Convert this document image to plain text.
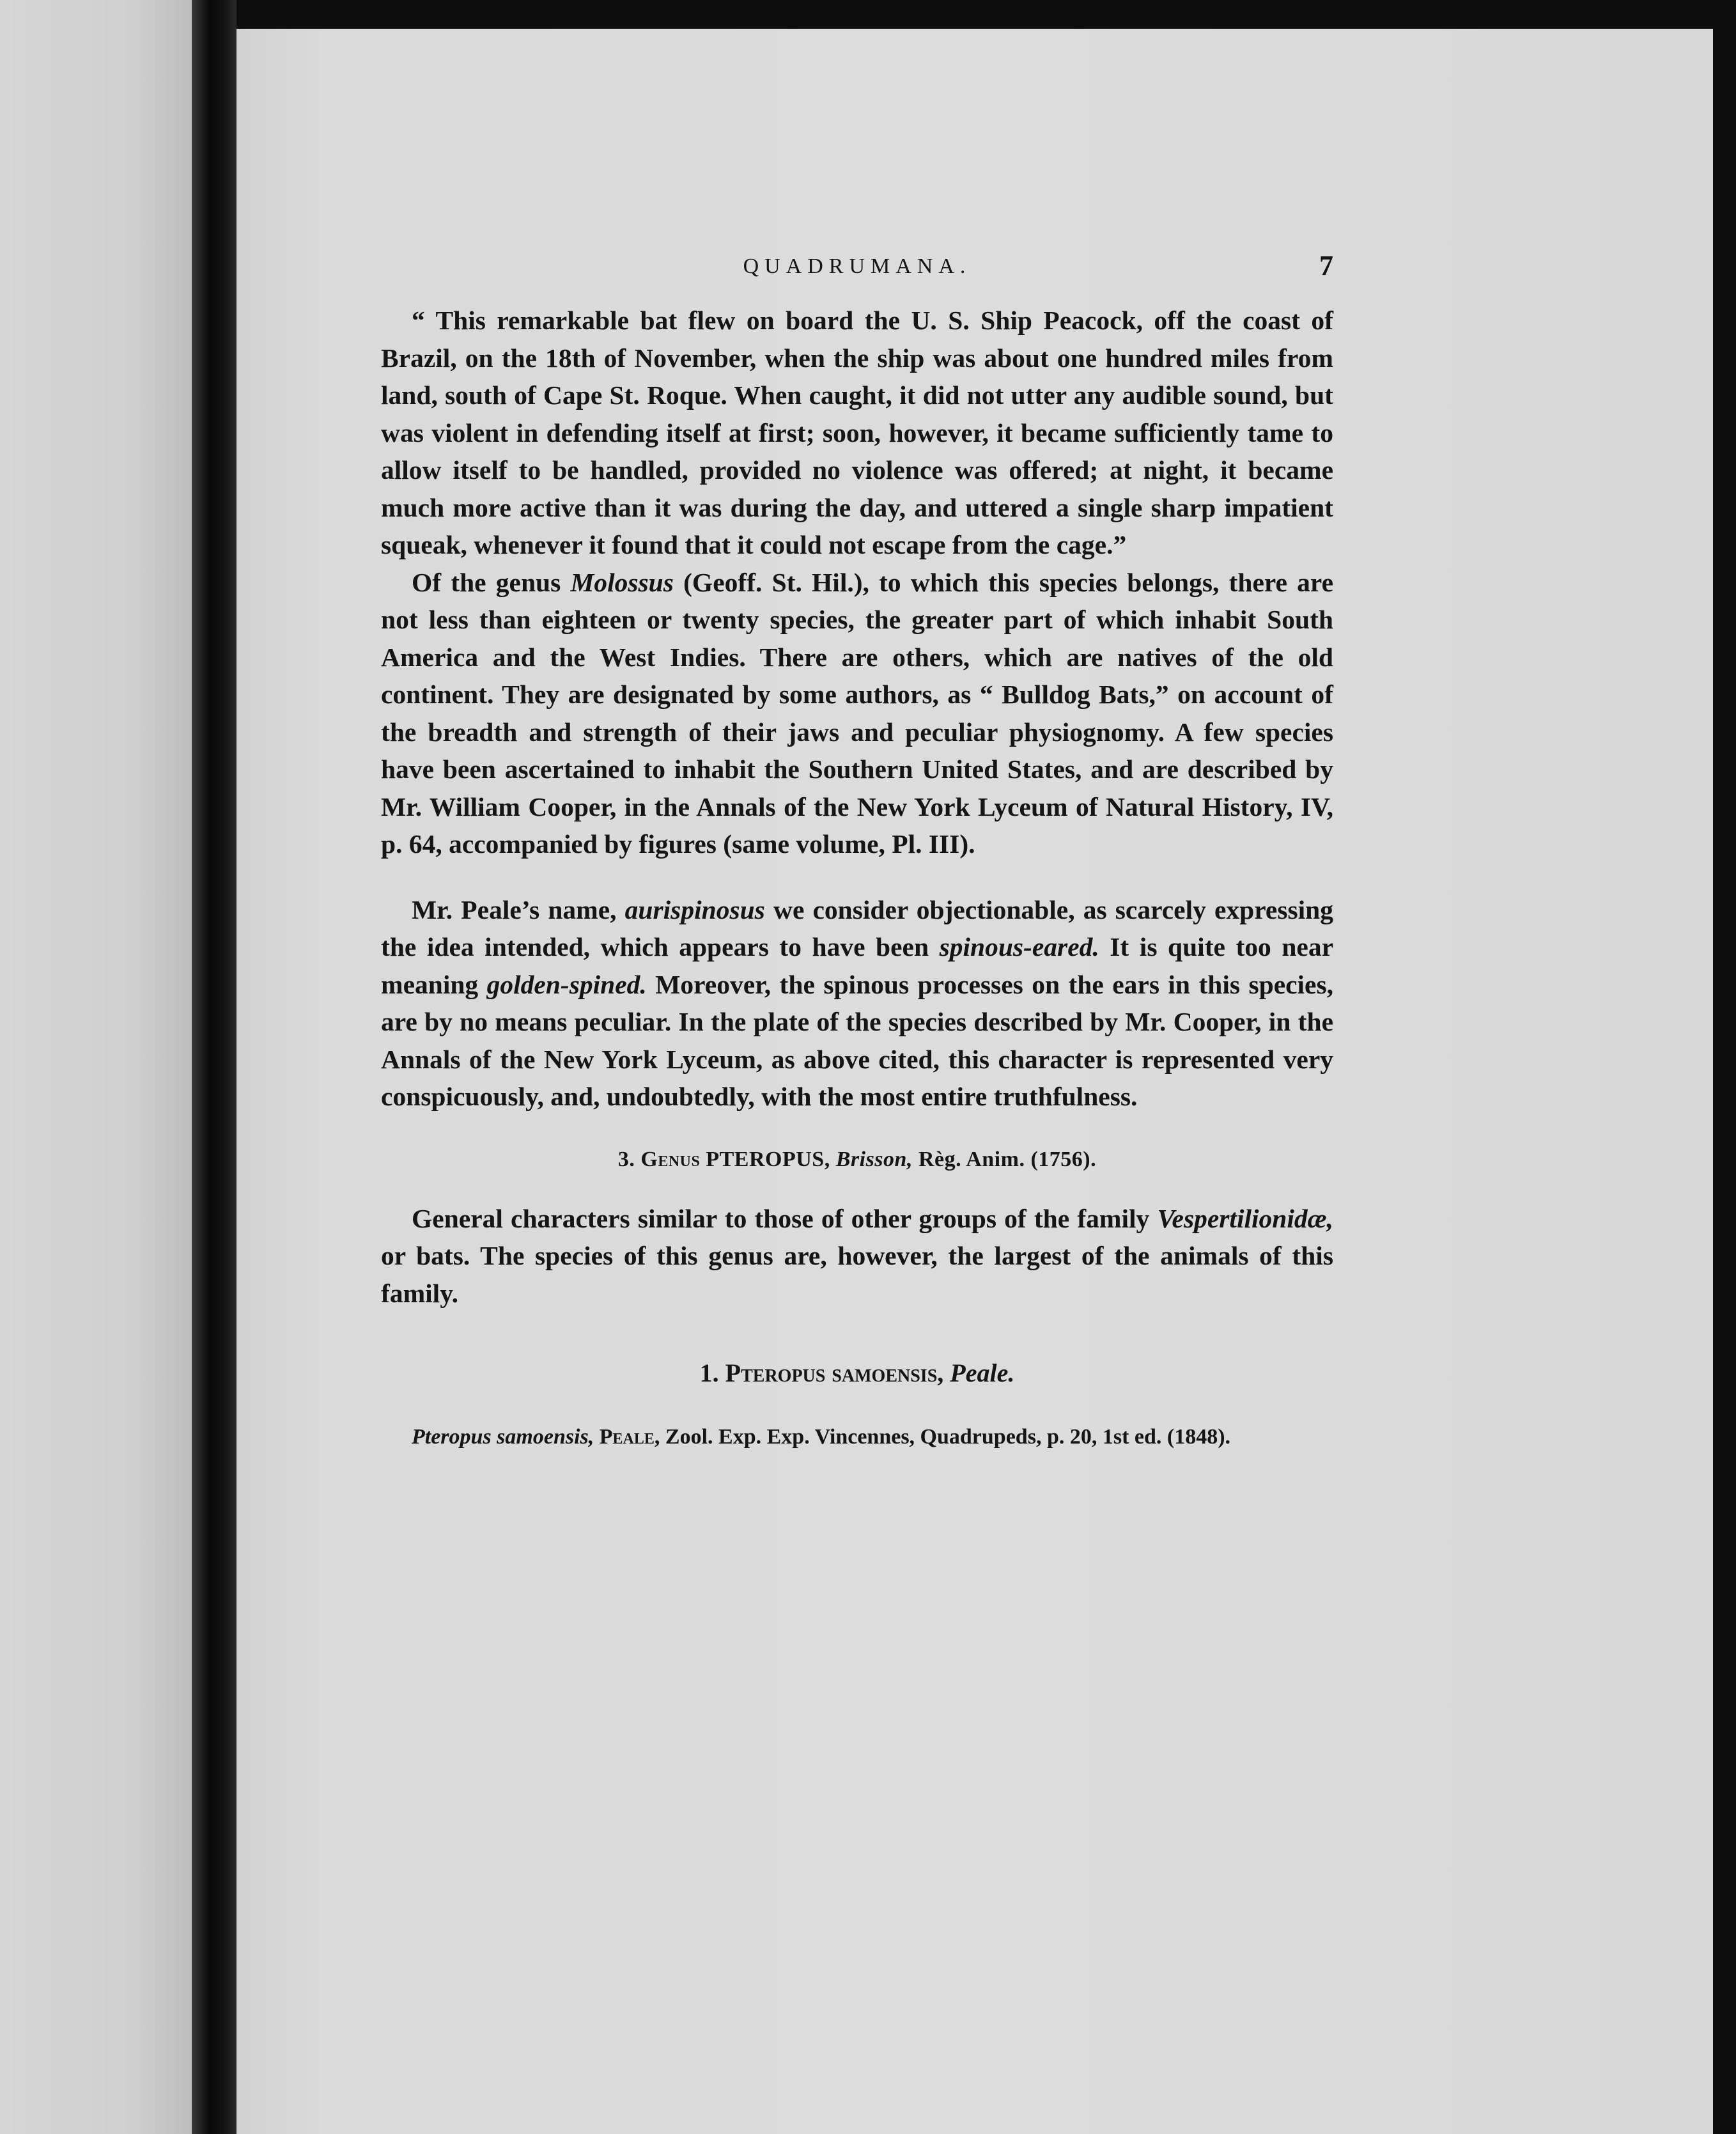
QUADRUMANA.	7

“ This remarkable bat flew on board the U. S. Ship Peacock, off the coast of Brazil, on the 18th of November, when the ship was about one hundred miles from land, south of Cape St. Roque. When caught, it did not utter any audible sound, but was violent in defending itself at first; soon, however, it became sufficiently tame to allow itself to be handled, provided no violence was offered; at night, it became much more active than it was during the day, and uttered a single sharp impatient squeak, whenever it found that it could not escape from the cage.”

Of the genus Molossus (Geoff. St. Hil.), to which this species belongs, there are not less than eighteen or twenty species, the greater part of which inhabit South America and the West Indies. There are others, which are natives of the old continent. They are designated by some authors, as “ Bulldog Bats,” on account of the breadth and strength of their jaws and peculiar physiognomy. A few species have been ascertained to inhabit the Southern United States, and are described by Mr. William Cooper, in the Annals of the New York Lyceum of Natural History, IV, p. 64, accompanied by figures (same volume, Pl. III).

Mr. Peale’s name, aurispinosus we consider objectionable, as scarcely expressing the idea intended, which appears to have been spinous-eared. It is quite too near meaning golden-spined. Moreover, the spinous processes on the ears in this species, are by no means peculiar. In the plate of the species described by Mr. Cooper, in the Annals of the New York Lyceum, as above cited, this character is represented very conspicuously, and, undoubtedly, with the most entire truthfulness.

3. Genus PTEROPUS, Brisson, Règ. Anim. (1756).

General characters similar to those of other groups of the family Vespertilionidæ, or bats. The species of this genus are, however, the largest of the animals of this family.

1. Pteropus samoensis, Peale.

Pteropus samoensis, Peale, Zool. Exp. Exp. Vincennes, Quadrupeds, p. 20, 1st ed. (1848).
